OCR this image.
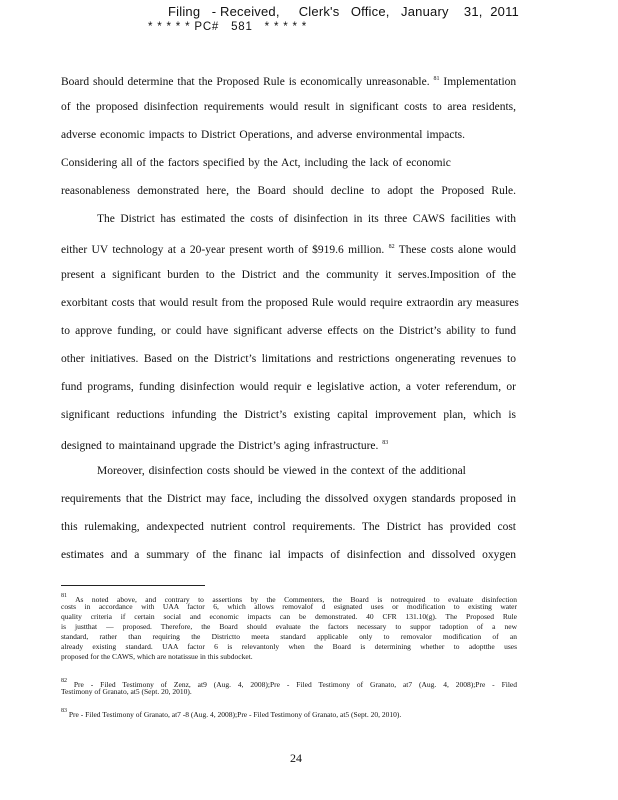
Filing   - Received,     Clerk's   Office,   January    31,  2011
* * * * * PC#   581   * * * * *
Board should determine that the Proposed Rule is economically unreasonable. $^{81}$ Implementation
of the proposed disinfection requirements would result in significant costs to area residents,
adverse economic impacts to District Operations, and adverse environmental impacts.
Considering all of the factors specified by the Act, including the lack of economic
reasonableness demonstrated here, the Board should decline to adopt the Proposed Rule.
The District has estimated the costs of disinfection in its three CAWS facilities with
either UV technology at a 20-year present worth of $919.6 million. $^{82}$ These costs alone would
present a significant burden to the District and the community it serves.Imposition of the
exorbitant costs that would result from the proposed Rule would require extraordin ary measures
to approve funding, or could have significant adverse effects on the District’s ability to fund
other initiatives. Based on the District’s limitations and restrictions ongenerating revenues to
fund programs, funding disinfection would requir e legislative action, a voter referendum, or
significant reductions infunding the District’s existing capital improvement plan, which is
designed to maintainand upgrade the District’s aging infrastructure. $^{83}$
Moreover, disinfection costs should be viewed in the context of the additional
requirements that the District may face, including the dissolved oxygen standards proposed in
this rulemaking, andexpected nutrient control requirements. The District has provided cost
estimates and a summary of the financ ial impacts of disinfection and dissolved oxygen
$^{81}$ As noted above, and contrary to assertions by the Commenters, the Board is notrequired to evaluate disinfection
costs in accordance with UAA factor 6, which allows removalof d esignated uses or modification to existing water
quality criteria if certain social and economic impacts can be demonstrated. 40 CFR 131.10(g). The Proposed Rule
is justthat — proposed. Therefore, the Board should evaluate the factors necessary to suppor tadoption of a new
standard, rather than requiring the Districtto meeta standard applicable only to removalor modification of an
already existing standard. UAA factor 6 is relevantonly when the Board is determining whether to adoptthe uses
proposed for the CAWS, which are notatissue in this subdocket.
$^{82}$ Pre - Filed Testimony of Zenz, at9 (Aug. 4, 2008);Pre - Filed Testimony of Granato, at7 (Aug. 4, 2008);Pre - Filed
Testimony of Granato, at5 (Sept. 20, 2010).
$^{83}$ Pre - Filed Testimony of Granato, at7 -8 (Aug. 4, 2008);Pre - Filed Testimony of Granato, at5 (Sept. 20, 2010).
24
